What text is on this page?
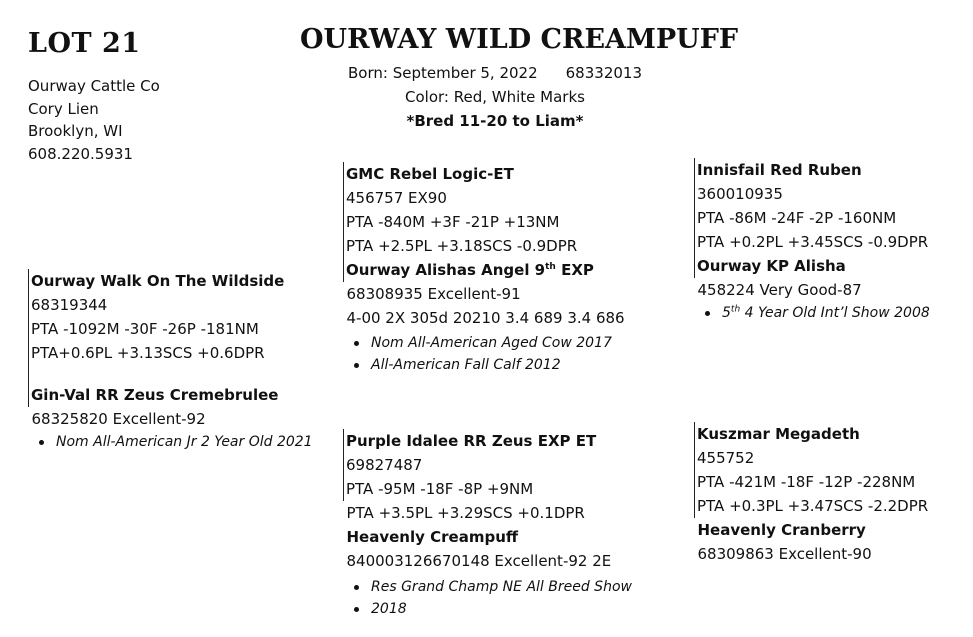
LOT 21
Ourway Cattle Co
Cory Lien
Brooklyn, WI
608.220.5931
OURWAY WILD CREAMPUFF
Born: September 5, 2022 68332013
Color: Red, White Marks
*Bred 11-20 to Liam*
Ourway Walk On The Wildside
68319344
PTA -1092M -30F -26P -181NM
PTA+0.6PL +3.13SCS +0.6DPR
Gin-Val RR Zeus Cremebrulee
68325820 Excellent-92
Nom All-American Jr 2 Year Old 2021
GMC Rebel Logic-ET
456757 EX90
PTA -840M +3F -21P +13NM
PTA +2.5PL +3.18SCS -0.9DPR
Ourway Alishas Angel 9th EXP
68308935 Excellent-91
4-00 2X 305d 20210 3.4 689 3.4 686
Nom All-American Aged Cow 2017
All-American Fall Calf 2012
Purple Idalee RR Zeus EXP ET
69827487
PTA -95M -18F -8P +9NM
PTA +3.5PL +3.29SCS +0.1DPR
Heavenly Creampuff
840003126670148 Excellent-92 2E
Res Grand Champ NE All Breed Show
2018
Innisfail Red Ruben
360010935
PTA -86M -24F -2P -160NM
PTA +0.2PL +3.45SCS -0.9DPR
Ourway KP Alisha
458224 Very Good-87
5th 4 Year Old Int’l Show 2008
Kuszmar Megadeth
455752
PTA -421M -18F -12P -228NM
PTA +0.3PL +3.47SCS -2.2DPR
Heavenly Cranberry
68309863 Excellent-90
